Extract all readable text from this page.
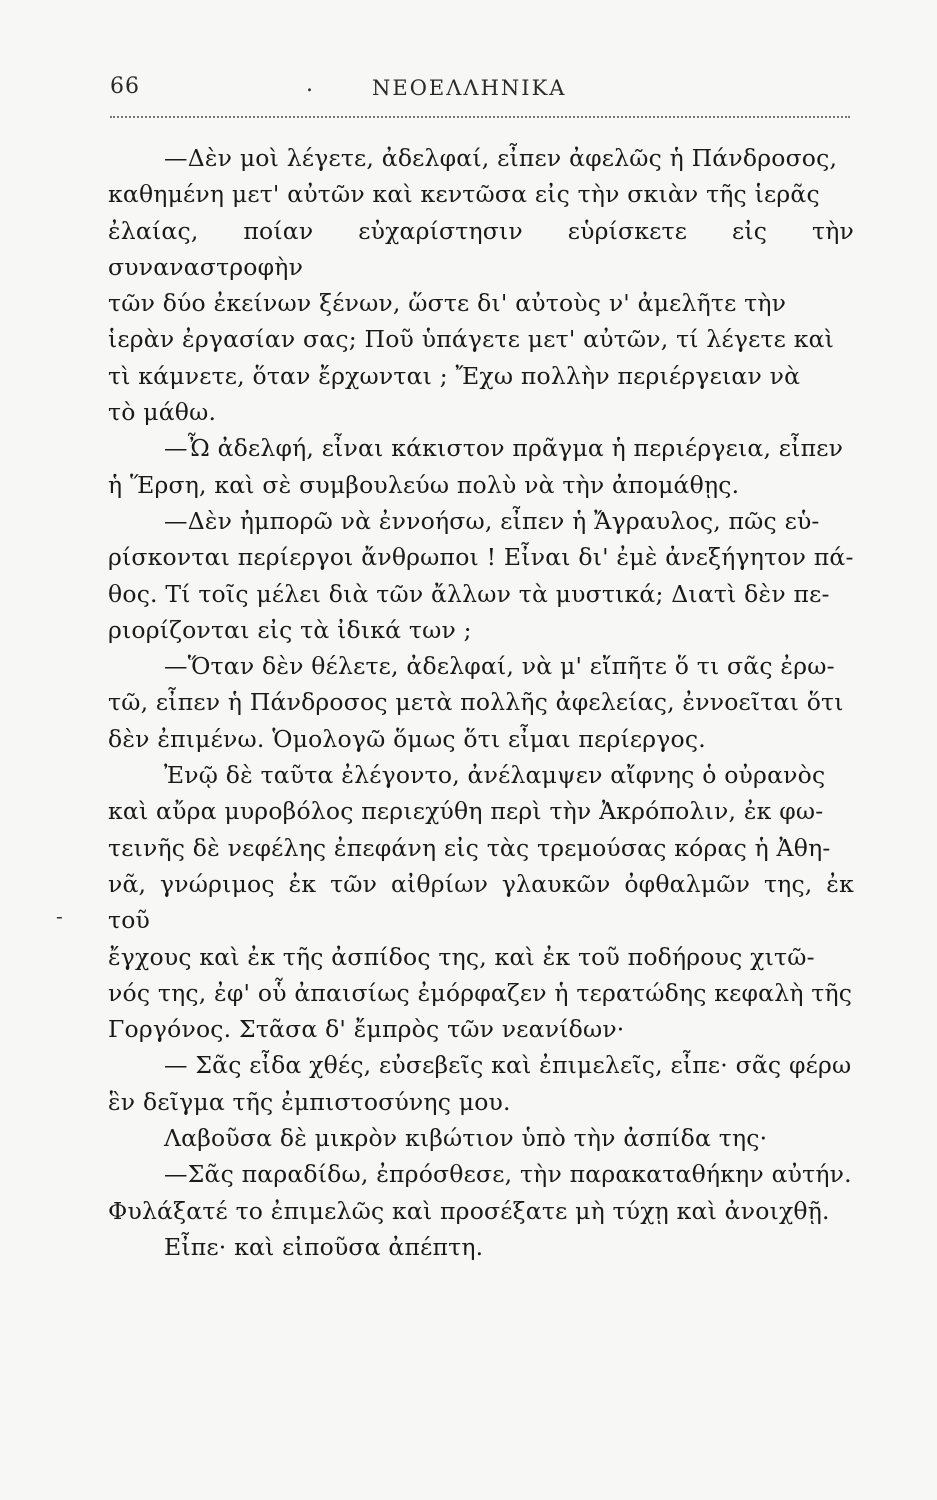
66	.	ΝΕΟΕΛΛΗΝΙΚΑ
-

—Δὲν μοὶ λέγετε, ἀδελφαί, εἶπεν ἀφελῶς ἡ Πάνδροσος,
καθημένη μετ' αὐτῶν καὶ κεντῶσα εἰς τὴν σκιὰν τῆς ἱερᾶς
ἐλαίας, ποίαν εὐχαρίστησιν εὑρίσκετε εἰς τὴν συναναστροφὴν
τῶν δύο ἐκείνων ξένων, ὥστε δι' αὐτοὺς ν' ἀμελῆτε τὴν
ἱερὰν ἐργασίαν σας; Ποῦ ὑπάγετε μετ' αὐτῶν, τί λέγετε καὶ
τὶ κάμνετε, ὅταν ἔρχωνται ; Ἔχω πολλὴν περιέργειαν νὰ
τὸ μάθω.

—Ὦ ἀδελφή, εἶναι κάκιστον πρᾶγμα ἡ περιέργεια, εἶπεν
ἡ Ἕρση, καὶ σὲ συμβουλεύω πολὺ νὰ τὴν ἀπομάθῃς.

—Δὲν ἠμπορῶ νὰ ἐννοήσω, εἶπεν ἡ Ἄγραυλος, πῶς εὑ-
ρίσκονται περίεργοι ἄνθρωποι ! Εἶναι δι' ἐμὲ ἀνεξήγητον πά-
θος. Τί τοῖς μέλει διὰ τῶν ἄλλων τὰ μυστικά; Διατὶ δὲν πε-
ριορίζονται εἰς τὰ ἰδικά των ;

—Ὅταν δὲν θέλετε, ἀδελφαί, νὰ μ' εἴπῆτε ὅ τι σᾶς ἐρω-
τῶ, εἶπεν ἡ Πάνδροσος μετὰ πολλῆς ἀφελείας, ἐννοεῖται ὅτι
δὲν ἐπιμένω. Ὁμολογῶ ὅμως ὅτι εἶμαι περίεργος.

Ἐνῷ δὲ ταῦτα ἐλέγοντο, ἀνέλαμψεν αἴφνης ὁ οὐρανὸς
καὶ αὔρα μυροβόλος περιεχύθη περὶ τὴν Ἀκρόπολιν, ἐκ φω-
τεινῆς δὲ νεφέλης ἐπεφάνη εἰς τὰς τρεμούσας κόρας ἡ Ἀθη-
νᾶ, γνώριμος ἐκ τῶν αἰθρίων γλαυκῶν ὀφθαλμῶν της, ἐκ τοῦ
ἔγχους καὶ ἐκ τῆς ἀσπίδος της, καὶ ἐκ τοῦ ποδήρους χιτῶ-
νός της, ἐφ' οὗ ἀπαισίως ἐμόρφαζεν ἡ τερατώδης κεφαλὴ τῆς
Γοργόνος. Στᾶσα δ' ἔμπρὸς τῶν νεανίδων·

— Σᾶς εἶδα χθές, εὐσεβεῖς καὶ ἐπιμελεῖς, εἶπε· σᾶς φέρω
ἓν δεῖγμα τῆς ἐμπιστοσύνης μου.

Λαβοῦσα δὲ μικρὸν κιβώτιον ὑπὸ τὴν ἀσπίδα της·

—Σᾶς παραδίδω, ἐπρόσθεσε, τὴν παρακαταθήκην αὐτήν.
Φυλάξατέ το ἐπιμελῶς καὶ προσέξατε μὴ τύχῃ καὶ ἀνοιχθῇ.

Εἶπε· καὶ εἰποῦσα ἀπέπτη.
